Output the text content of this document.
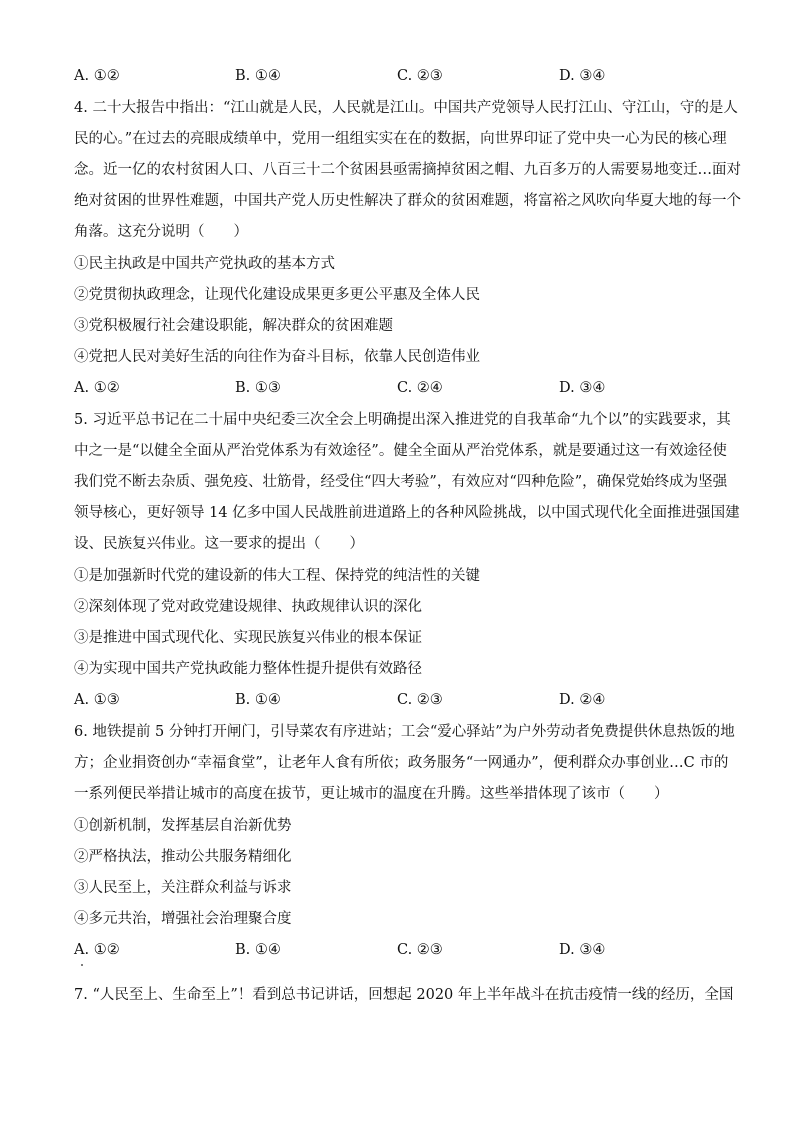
A. ①②	B. ①④	C. ②③	D. ③④
4. 二十大报告中指出：“江山就是人民，人民就是江山。中国共产党领导人民打江山、守江山，守的是人
民的心。”在过去的亮眼成绩单中，党用一组组实实在在的数据，向世界印证了党中央一心为民的核心理
念。近一亿的农村贫困人口、八百三十二个贫困县亟需摘掉贫困之帽、九百多万的人需要易地变迁…面对
绝对贫困的世界性难题，中国共产党人历史性解决了群众的贫困难题，将富裕之风吹向华夏大地的每一个
角落。这充分说明（　　）
①民主执政是中国共产党执政的基本方式
②党贯彻执政理念，让现代化建设成果更多更公平惠及全体人民
③党积极履行社会建设职能，解决群众的贫困难题
④党把人民对美好生活的向往作为奋斗目标，依靠人民创造伟业
A. ①②	B. ①③	C. ②④	D. ③④
5. 习近平总书记在二十届中央纪委三次全会上明确提出深入推进党的自我革命“九个以”的实践要求，其
中之一是“以健全全面从严治党体系为有效途径”。健全全面从严治党体系，就是要通过这一有效途径使
我们党不断去杂质、强免疫、壮筋骨，经受住“四大考验”，有效应对“四种危险”，确保党始终成为坚强
领导核心，更好领导 14 亿多中国人民战胜前进道路上的各种风险挑战，以中国式现代化全面推进强国建
设、民族复兴伟业。这一要求的提出（　　）
①是加强新时代党的建设新的伟大工程、保持党的纯洁性的关键
②深刻体现了党对政党建设规律、执政规律认识的深化
③是推进中国式现代化、实现民族复兴伟业的根本保证
④为实现中国共产党执政能力整体性提升提供有效路径
A. ①③	B. ①④	C. ②③	D. ②④
6. 地铁提前 5 分钟打开闸门，引导菜农有序进站；工会“爱心驿站”为户外劳动者免费提供休息热饭的地
方；企业捐资创办“幸福食堂”，让老年人食有所依；政务服务“一网通办”，便利群众办事创业…C 市的
一系列便民举措让城市的高度在拔节，更让城市的温度在升腾。这些举措体现了该市（　　）
①创新机制，发挥基层自治新优势
②严格执法，推动公共服务精细化
③人民至上，关注群众利益与诉求
④多元共治，增强社会治理聚合度
A. ①②	B. ①④	C. ②③	D. ③④
7. “人民至上、生命至上”！看到总书记讲话，回想起 2020 年上半年战斗在抗击疫情一线的经历，全国
